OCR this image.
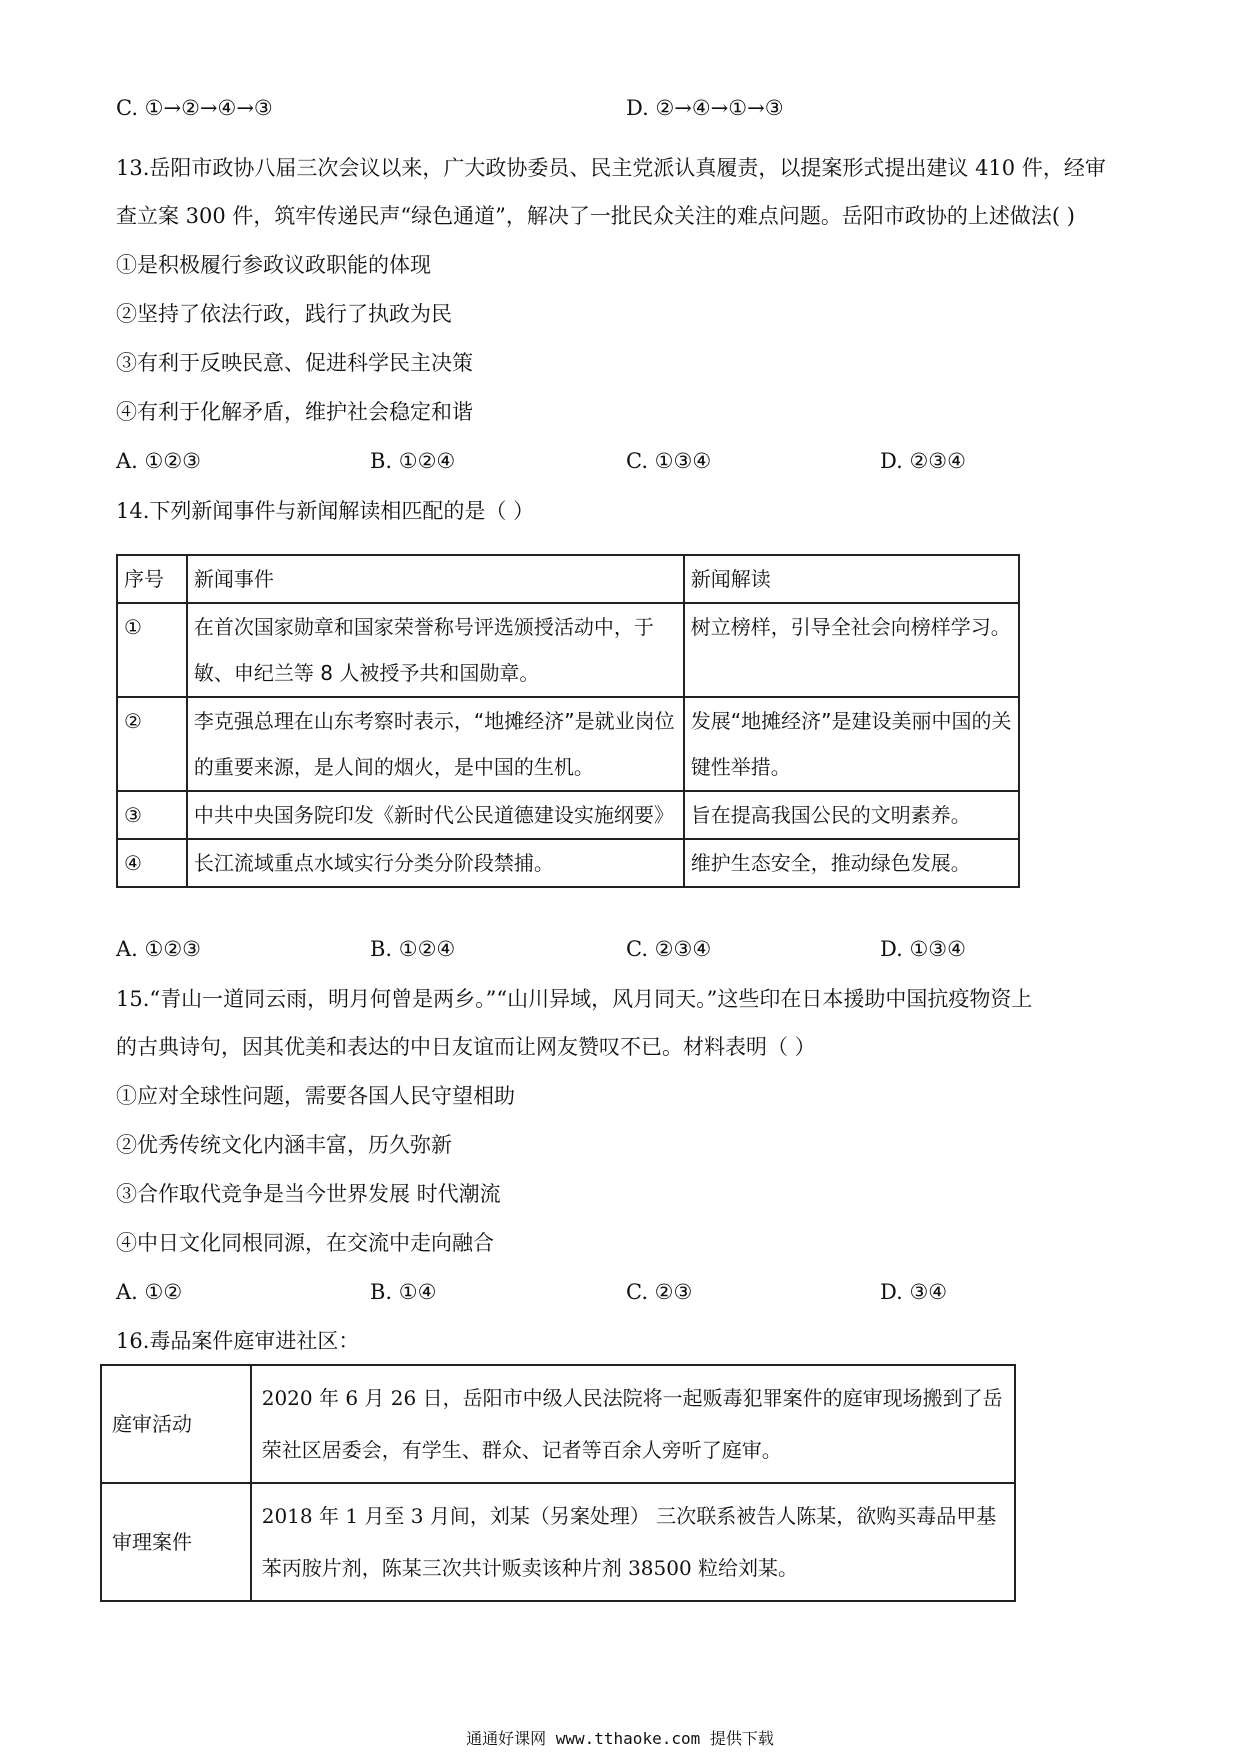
C. ①→②→④→③	D. ②→④→①→③
13.岳阳市政协八届三次会议以来，广大政协委员、民主党派认真履责，以提案形式提出建议 410 件，经审
查立案 300 件，筑牢传递民声“绿色通道”，解决了一批民众关注的难点问题。岳阳市政协的上述做法( )
①是积极履行参政议政职能的体现
②坚持了依法行政，践行了执政为民
③有利于反映民意、促进科学民主决策
④有利于化解矛盾，维护社会稳定和谐
A. ①②③	B. ①②④	C. ①③④	D. ②③④
14.下列新闻事件与新闻解读相匹配的是（ ）
序号	新闻事件	新闻解读
①	在首次国家勋章和国家荣誉称号评选颁授活动中，于敏、申纪兰等 8 人被授予共和国勋章。	树立榜样，引导全社会向榜样学习。
②	李克强总理在山东考察时表示，“地摊经济”是就业岗位的重要来源，是人间的烟火，是中国的生机。	发展“地摊经济”是建设美丽中国的关键性举措。
③	中共中央国务院印发《新时代公民道德建设实施纲要》	旨在提高我国公民的文明素养。
④	长江流域重点水域实行分类分阶段禁捕。	维护生态安全，推动绿色发展。
A. ①②③	B. ①②④	C. ②③④	D. ①③④
15.“青山一道同云雨，明月何曾是两乡。”“山川异域，风月同天。”这些印在日本援助中国抗疫物资上
的古典诗句，因其优美和表达的中日友谊而让网友赞叹不已。材料表明（ ）
①应对全球性问题，需要各国人民守望相助
②优秀传统文化内涵丰富，历久弥新
③合作取代竞争是当今世界发展 时代潮流
④中日文化同根同源，在交流中走向融合
A. ①②	B. ①④	C. ②③	D. ③④
16.毒品案件庭审进社区：
庭审活动	2020 年 6 月 26 日，岳阳市中级人民法院将一起贩毒犯罪案件的庭审现场搬到了岳荣社区居委会，有学生、群众、记者等百余人旁听了庭审。
审理案件	2018 年 1 月至 3 月间，刘某（另案处理） 三次联系被告人陈某，欲购买毒品甲基苯丙胺片剂，陈某三次共计贩卖该种片剂 38500 粒给刘某。
通通好课网 www.tthaoke.com 提供下载
